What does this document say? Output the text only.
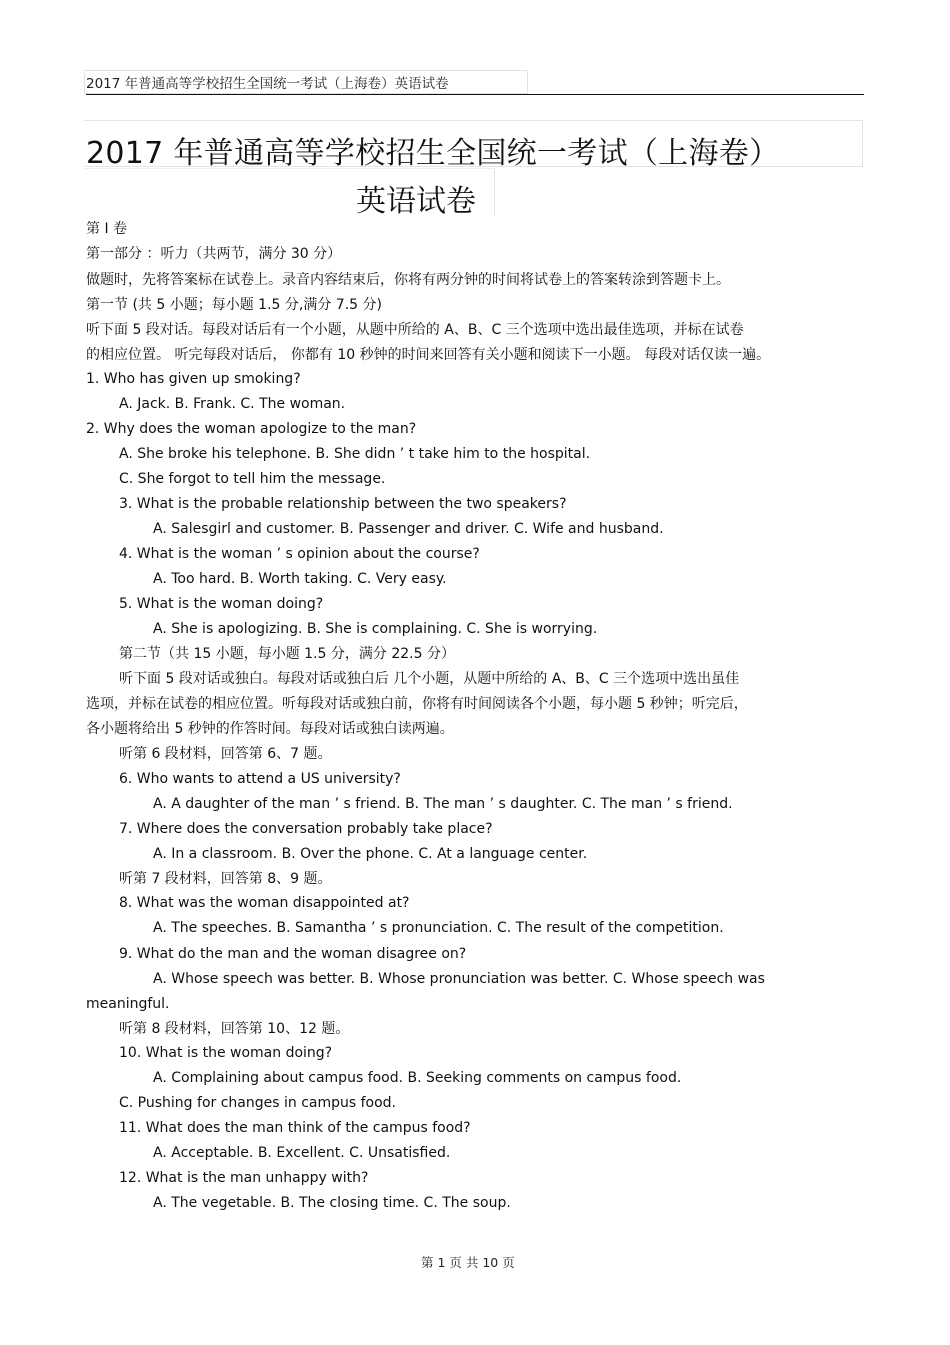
2017 年普通高等学校招生全国统一考试（上海卷）英语试卷
2017 年普通高等学校招生全国统一考试（上海卷）
英语试卷
第 I 卷
第一部分 ：听力（共两节，满分 30 分）
做题时，先将答案标在试卷上。录音内容结束后，你将有两分钟的时间将试卷上的答案转涂到答题卡上。
第一节 (共 5 小题；每小题 1.5 分,满分 7.5 分)
听下面 5 段对话。每段对话后有一个小题，从题中所给的 A、B、C 三个选项中选出最佳选项，并标在试卷
的相应位置。 听完每段对话后， 你都有 10 秒钟的时间来回答有关小题和阅读下一小题。 每段对话仅读一遍。
1. Who has given up smoking?
A. Jack. B. Frank. C. The woman.
2. Why does the woman apologize to the man?
A. She broke his telephone. B. She didn ’ t take him to the hospital.
C. She forgot to tell him the message.
3. What is the probable relationship between the two speakers?
A. Salesgirl and customer. B. Passenger and driver. C. Wife and husband.
4. What is the woman ’ s opinion about the course?
A. Too hard. B. Worth taking. C. Very easy.
5. What is the woman doing?
A. She is apologizing. B. She is complaining. C. She is worrying.
第二节（共 15 小题，每小题 1.5 分，满分 22.5 分）
听下面 5 段对话或独白。每段对话或独白后 几个小题，从题中所给的 A、B、C 三个选项中选出虽佳
选项，并标在试卷的相应位置。听每段对话或独白前，你将有时间阅读各个小题，每小题 5 秒钟；听完后，
各小题将给出 5 秒钟的作答时间。每段对话或独白读两遍。
听第 6 段材料，回答第 6、7 题。
6. Who wants to attend a US university?
A. A daughter of the man ’ s friend. B. The man ’ s daughter. C. The man ’ s friend.
7. Where does the conversation probably take place?
A. In a classroom. B. Over the phone. C. At a language center.
听第 7 段材料，回答第 8、9 题。
8. What was the woman disappointed at?
A. The speeches. B. Samantha ’ s pronunciation. C. The result of the competition.
9. What do the man and the woman disagree on?
A. Whose speech was better. B. Whose pronunciation was better. C. Whose speech was
meaningful.
听第 8 段材料，回答第 10、12 题。
10. What is the woman doing?
A. Complaining about campus food. B. Seeking comments on campus food.
C. Pushing for changes in campus food.
11. What does the man think of the campus food?
A. Acceptable. B. Excellent. C. Unsatisfied.
12. What is the man unhappy with?
A. The vegetable. B. The closing time. C. The soup.
第 1 页 共 10 页
